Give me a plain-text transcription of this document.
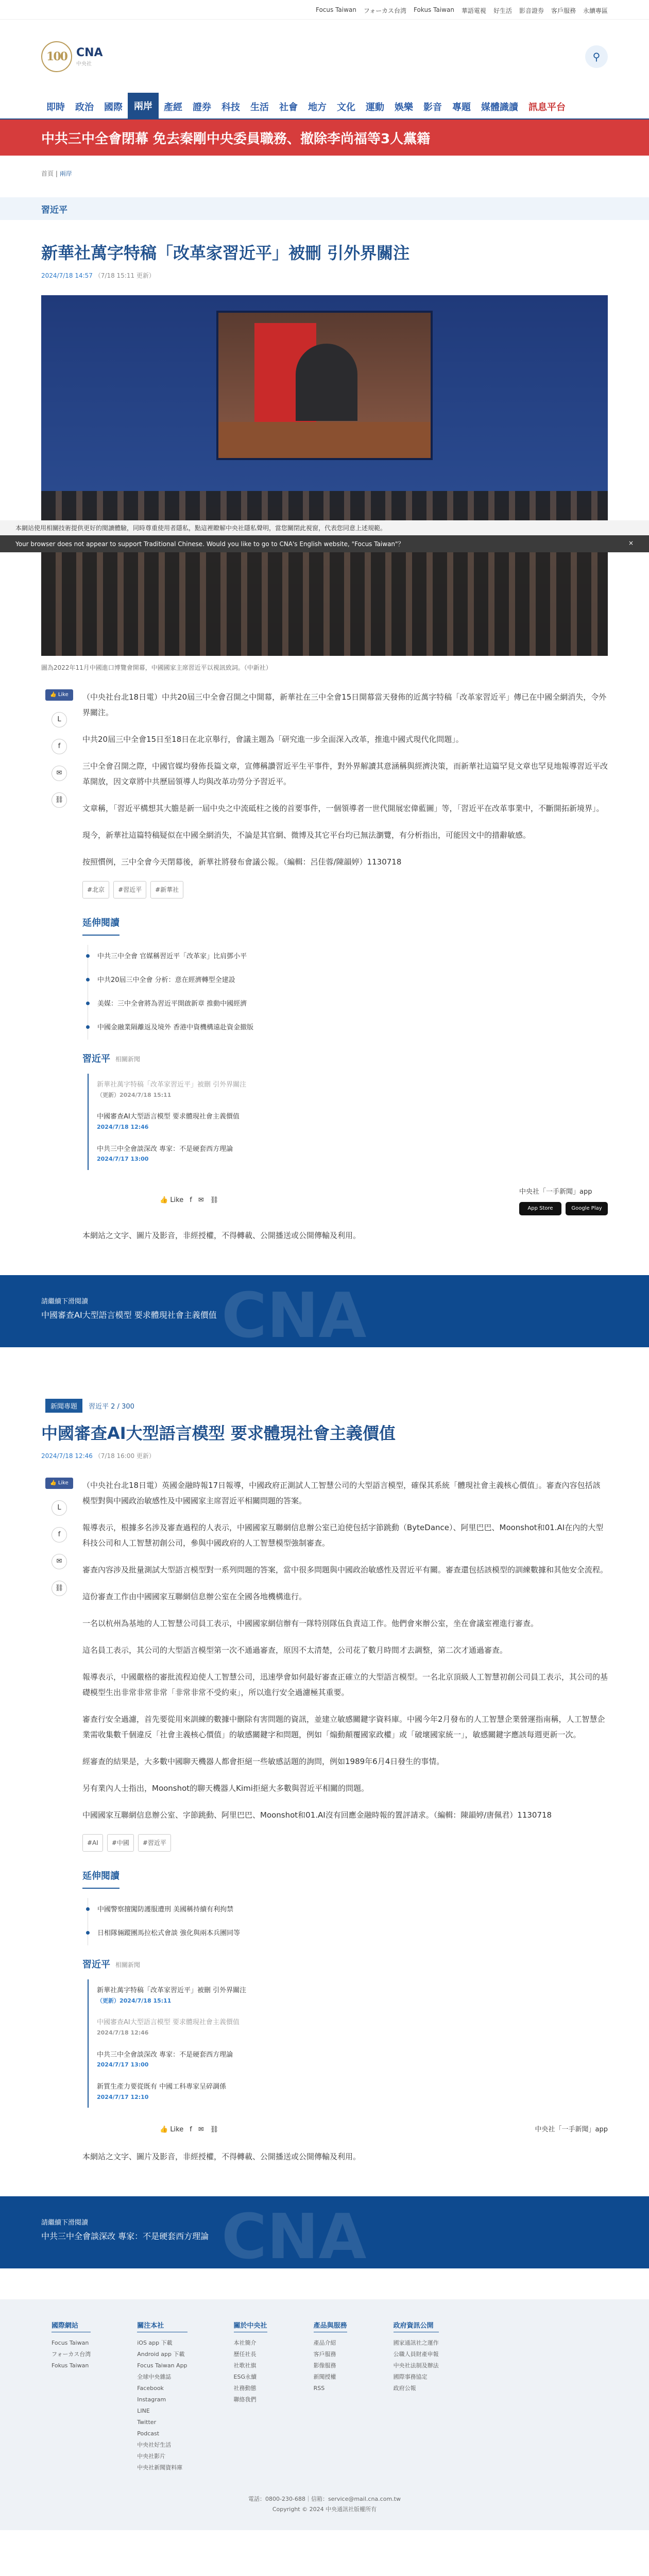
Focus Taiwan フォーカス台湾 Fokus Taiwan 華語電視 好生活 影音證券 客戶服務 永續專區
100 CNA
中央社
⚲
即時	政治	國際	兩岸	產經	證券	科技	生活	社會	地方	文化	運動	娛樂	影音	專題	媒體識讀	訊息平台
中共三中全會閉幕 免去秦剛中央委員職務、撤除李尚福等3人黨籍
首頁 | 兩岸
習近平
新華社萬字特稿「改革家習近平」被刪 引外界關注
2024/7/18 14:57 （7/18 15:11 更新）

圖為2022年11月中國進口博覽會開幕，中國國家主席習近平以視訊致詞。（中新社）

👍 Like
L
f
✉
⛓

（中央社台北18日電）中共20屆三中全會召開之中開幕，新華社在三中全會15日開幕當天發佈的近萬字特稿「改革家習近平」傳已在中國全網消失，令外界關注。

中共20屆三中全會15日至18日在北京舉行，會議主題為「研究進一步全面深入改革，推進中國式現代化問題」。

三中全會召開之際，中國官媒均發佈長篇文章，宣傳稱讚習近平生平事件，對外界解讀其意涵稱與經濟決策，而新華社這篇罕見文章也罕見地報導習近平改革開放，因文章將中共歷屆領導人均與改革功勞分予習近平。

文章稱，「習近平構想其大膽是新一屆中央之中流砥柱之後的首要事件，一個領導者一世代開展宏偉藍圖」等，「習近平在改革事業中，不斷開拓新境界」。

現今，新華社這篇特稿疑似在中國全網消失，不論是其官網、微博及其它平台均已無法瀏覽，有分析指出，可能因文中的措辭敏感。

按照慣例，三中全會今天閉幕後，新華社將發布會議公報。（編輯：呂佳蓉/陳韻婷）1130718

#北京	#習近平	#新華社
延伸閱讀
中共三中全會 官媒稱習近平「改革家」比肩鄧小平
中共20屆三中全會 分析：意在經濟轉型全建設
美媒：三中全會將為習近平開啟新章 推動中國經濟
中國金融業隔離返及境外 香港中資機構遠赴資金撤版
習近平 相關新聞
新華社萬字特稿「改革家習近平」被刪 引外界關注
（更新）2024/7/18 15:11
中國審查AI大型語言模型 要求體現社會主義價值
2024/7/18 12:46
中共三中全會談深改 專家：不是硬套西方理論
2024/7/17 13:00
👍 Like f ✉ ⛓
中央社「一手新聞」app
App Store	Google Play

本網站之文字、圖片及影音，非經授權，不得轉載、公開播送或公開傳輸及利用。

CNA
請繼續下滑閱讀
中國審查AI大型語言模型 要求體現社會主義價值
新聞專題	習近平 2 / 300
中國審查AI大型語言模型 要求體現社會主義價值
2024/7/18 12:46 （7/18 16:00 更新）
👍 Like
L
f
✉
⛓

（中央社台北18日電）英國金融時報17日報導，中國政府正測試人工智慧公司的大型語言模型，確保其系統「體現社會主義核心價值」。審查內容包括該模型對與中國政治敏感性及中國國家主席習近平相關問題的答案。

報導表示，根據多名涉及審查過程的人表示，中國國家互聯網信息辦公室已迫使包括字節跳動（ByteDance）、阿里巴巴、Moonshot和01.AI在內的大型科技公司和人工智慧初創公司，參與中國政府的人工智慧模型強制審查。

審查內容涉及批量測試大型語言模型對一系列問題的答案，當中很多問題與中國政治敏感性及習近平有關。審查還包括該模型的訓練數據和其他安全流程。

這份審查工作由中國國家互聯網信息辦公室在全國各地機構進行。

一名以杭州為基地的人工智慧公司員工表示，中國國家網信辦有一隊特別隊伍負責這工作。他們會來辦公室，坐在會議室裡進行審查。

這名員工表示，其公司的大型語言模型第一次不通過審查，原因不太清楚，公司花了數月時間才去調整，第二次才通過審查。

報導表示，中國嚴格的審批流程迫使人工智慧公司，迅速學會如何最好審查正確立的大型語言模型。一名北京頂級人工智慧初創公司員工表示，其公司的基礎模型生出非常非常非常「非常非常不受約束」，所以進行安全過濾極其重要。

審查行安全過濾，首先要從用來訓練的數據中刪除有害問題的資訊，並建立敏感關鍵字資料庫。中國今年2月發布的人工智慧企業營運指南稱，人工智慧企業需收集數千個違反「社會主義核心價值」的敏感關鍵字和問題，例如「煽動顛覆國家政權」或「破壞國家統一」，敏感關鍵字應該每週更新一次。

經審查的結果是，大多數中國聊天機器人都會拒絕一些敏感話題的詢問，例如1989年6月4日發生的事情。

另有業內人士指出，Moonshot的聊天機器人Kimi拒絕大多數與習近平相關的問題。

中國國家互聯網信息辦公室、字節跳動、阿里巴巴、Moonshot和01.AI沒有回應金融時報的置評請求。（編輯：陳韻婷/唐佩君）1130718

#AI	#中國	#習近平
延伸閱讀
中國警察擅闖防護服遭刑 美國稱持續有利拘禁
日相隊倆蹤團馬拉松式會談 強化與兩本兵團同等
習近平 相關新聞
新華社萬字特稿「改革家習近平」被刪 引外界關注
（更新）2024/7/18 15:11
中國審查AI大型語言模型 要求體現社會主義價值
2024/7/18 12:46
中共三中全會談深改 專家：不是硬套西方理論
2024/7/17 13:00
新質生產力要從既有 中國工科專家呈碎調係
2024/7/17 12:10
👍 Like f ✉ ⛓	中央社「一手新聞」app

本網站之文字、圖片及影音，非經授權，不得轉載、公開播送或公開傳輸及利用。

CNA
請繼續下滑閱讀
中共三中全會談深改 專家：不是硬套西方理論
國際網站
Focus Taiwan
フォーカス台湾
Fokus Taiwan
關注本社
iOS app 下載
Android app 下載
Focus Taiwan App
全球中央雜誌
Facebook
Instagram
LINE
Twitter
Podcast
中央社好生活
中央社影片
中央社新聞資料庫
關於中央社
本社簡介
歷任社長
社歌社旗
ESG永續
社務動態
聯絡我們
產品與服務
產品介紹
客戶服務
影像服務
新聞授權
RSS
政府資訊公開
國家通訊社之運作
公職人員財產申報
中央社法制及辦法
國際事務協定
政府公報
電話：0800-230-688｜信箱：service@mail.cna.com.tw
Copyright © 2024 中央通訊社版權所有
本網站使用相關技術提供更好的閱讀體驗，同時尊重使用者隱私，點這裡瞭解中央社隱私聲明，當您關閉此視窗，代表您同意上述規範。
Your browser does not appear to support Traditional Chinese. Would you like to go to CNA's English website, "Focus Taiwan"？	×
